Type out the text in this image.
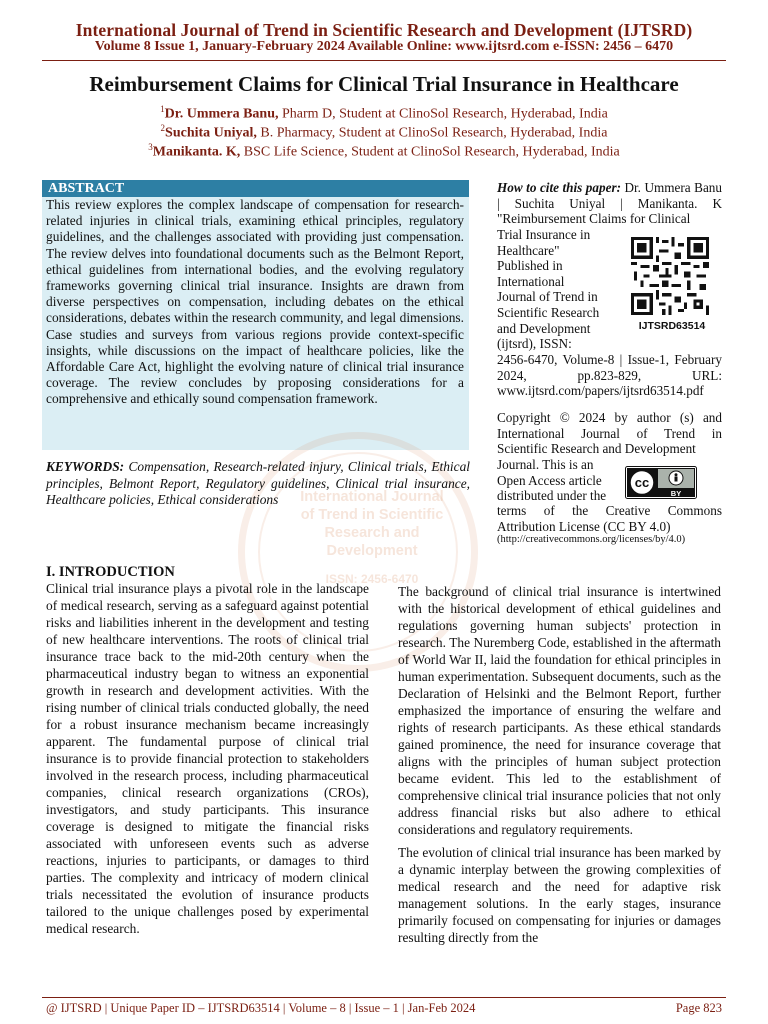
International Journal of Trend in Scientific Research and Development (IJTSRD)
Volume 8 Issue 1, January-February 2024 Available Online: www.ijtsrd.com e-ISSN: 2456 – 6470
Reimbursement Claims for Clinical Trial Insurance in Healthcare
$^1$Dr. Ummera Banu, Pharm D, Student at ClinoSol Research, Hyderabad, India
$^2$Suchita Uniyal, B. Pharmacy, Student at ClinoSol Research, Hyderabad, India
$^3$Manikanta. K, BSC Life Science, Student at ClinoSol Research, Hyderabad, India
ABSTRACT
This review explores the complex landscape of compensation for research-related injuries in clinical trials, examining ethical principles, regulatory guidelines, and the challenges associated with providing just compensation. The review delves into foundational documents such as the Belmont Report, ethical guidelines from international bodies, and the evolving regulatory frameworks governing clinical trial insurance. Insights are drawn from diverse perspectives on compensation, including debates on the ethical considerations, debates within the research community, and legal dimensions. Case studies and surveys from various regions provide context-specific insights, while discussions on the impact of healthcare policies, like the Affordable Care Act, highlight the evolving nature of clinical trial insurance coverage. The review concludes by proposing considerations for a comprehensive and ethically sound compensation framework.
International Journal
of Trend in Scientific
Research and
Development
ISSN: 2456-6470
KEYWORDS: Compensation, Research-related injury, Clinical trials, Ethical principles, Belmont Report, Regulatory guidelines, Clinical trial insurance, Healthcare policies, Ethical considerations
How to cite this paper: Dr. Ummera Banu | Suchita Uniyal | Manikanta. K "Reimbursement Claims for Clinical
Trial Insurance in
Healthcare"
Published in
International
Journal of Trend in
Scientific Research
and Development
(ijtsrd), ISSN:
2456-6470, Volume-8 | Issue-1, February 2024, pp.823-829, URL: www.ijtsrd.com/papers/ijtsrd63514.pdf
IJTSRD63514
Copyright © 2024 by author (s) and International Journal of Trend in Scientific Research and Development
Journal. This is an
Open Access article
distributed under the
cc
BY
terms of the Creative Commons Attribution License (CC BY 4.0)
(http://creativecommons.org/licenses/by/4.0)
I. INTRODUCTION
Clinical trial insurance plays a pivotal role in the landscape of medical research, serving as a safeguard against potential risks and liabilities inherent in the development and testing of new healthcare interventions. The roots of clinical trial insurance trace back to the mid-20th century when the pharmaceutical industry began to witness an exponential growth in research and development activities. With the rising number of clinical trials conducted globally, the need for a robust insurance mechanism became increasingly apparent. The fundamental purpose of clinical trial insurance is to provide financial protection to stakeholders involved in the research process, including pharmaceutical companies, clinical research organizations (CROs), investigators, and study participants. This insurance coverage is designed to mitigate the financial risks associated with unforeseen events such as adverse reactions, injuries to participants, or damages to third parties. The complexity and intricacy of modern clinical trials necessitated the evolution of insurance products tailored to the unique challenges posed by experimental medical research.

The background of clinical trial insurance is intertwined with the historical development of ethical guidelines and regulations governing human subjects' protection in research. The Nuremberg Code, established in the aftermath of World War II, laid the foundation for ethical principles in human experimentation. Subsequent documents, such as the Declaration of Helsinki and the Belmont Report, further emphasized the importance of ensuring the welfare and rights of research participants. As these ethical standards gained prominence, the need for insurance coverage that aligns with the principles of human subject protection became evident. This led to the establishment of comprehensive clinical trial insurance policies that not only address financial risks but also adhere to ethical considerations and regulatory requirements.

The evolution of clinical trial insurance has been marked by a dynamic interplay between the growing complexities of medical research and the need for adaptive risk management solutions. In the early stages, insurance primarily focused on compensating for injuries or damages resulting directly from the

@ IJTSRD | Unique Paper ID – IJTSRD63514 | Volume – 8 | Issue – 1 | Jan-Feb 2024	Page 823
